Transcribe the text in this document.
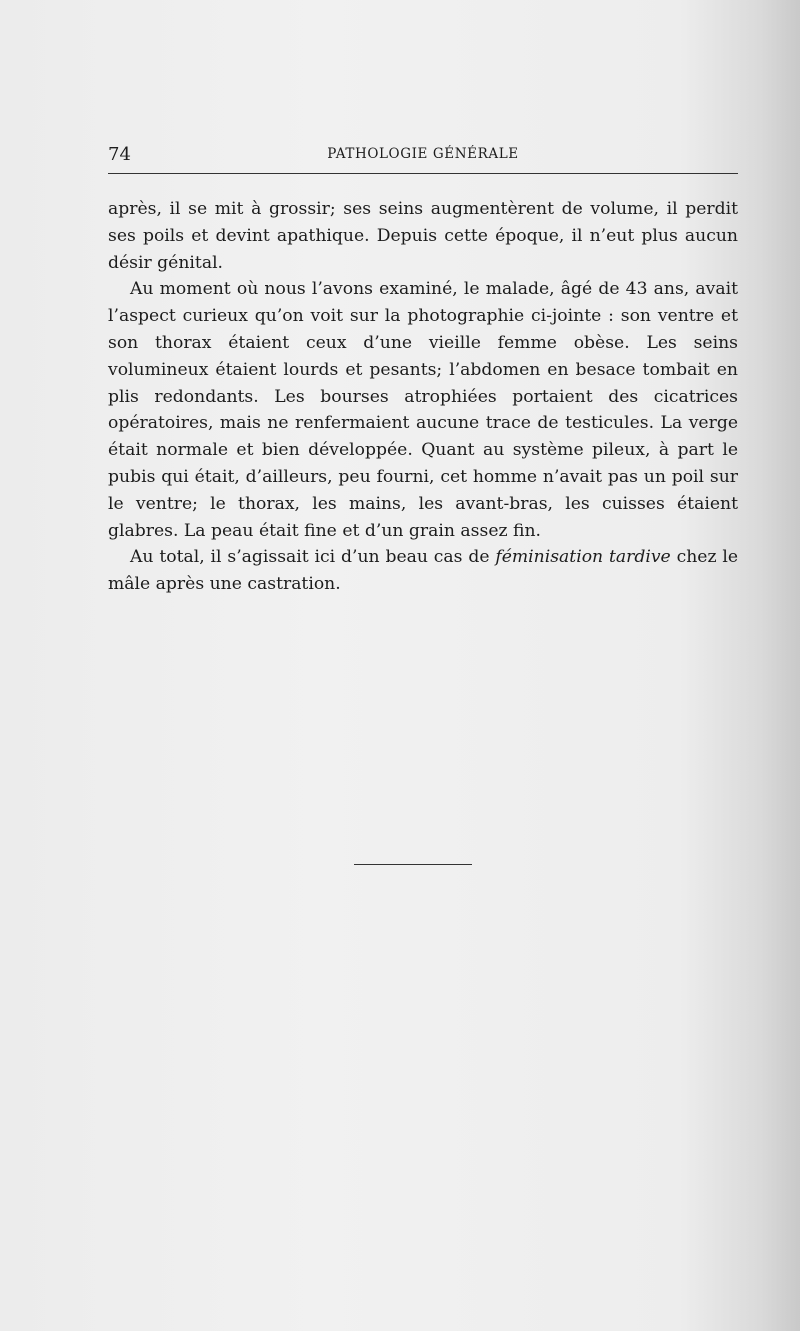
74	PATHOLOGIE GÉNÉRALE

après, il se mit à grossir; ses seins augmentèrent de volume, il perdit ses poils et devint apathique. Depuis cette époque, il n’eut plus aucun désir génital.

Au moment où nous l’avons examiné, le malade, âgé de 43 ans, avait l’aspect curieux qu’on voit sur la photographie ci-jointe : son ventre et son thorax étaient ceux d’une vieille femme obèse. Les seins volumineux étaient lourds et pesants; l’abdomen en besace tombait en plis redondants. Les bourses atrophiées portaient des cicatrices opératoires, mais ne renfermaient aucune trace de testicules. La verge était normale et bien développée. Quant au système pileux, à part le pubis qui était, d’ailleurs, peu fourni, cet homme n’avait pas un poil sur le ventre; le thorax, les mains, les avant-bras, les cuisses étaient glabres. La peau était fine et d’un grain assez fin.

Au total, il s’agissait ici d’un beau cas de féminisation tardive chez le mâle après une castration.
